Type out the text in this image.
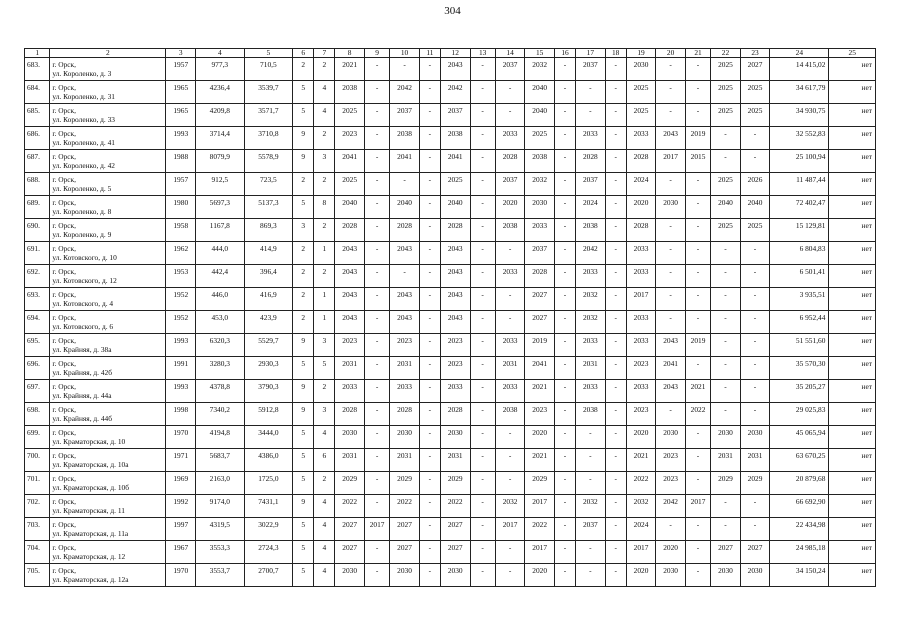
304
1	2	3	4	5	6	7	8	9	10	11	12	13	14	15	16	17	18	19	20	21	22	23	24	25
683.	г. Орск,
ул. Короленко, д. 3	1957	977,3	710,5	2	2	2021	-	-	-	2043	-	2037	2032	-	2037	-	2030	-	-	2025	2027	14 415,02	нет
684.	г. Орск,
ул. Короленко, д. 31	1965	4236,4	3539,7	5	4	2038	-	2042	-	2042	-	-	2040	-	-	-	2025	-	-	2025	2025	34 617,79	нет
685.	г. Орск,
ул. Короленко, д. 33	1965	4209,8	3571,7	5	4	2025	-	2037	-	2037	-	-	2040	-	-	-	2025	-	-	2025	2025	34 930,75	нет
686.	г. Орск,
ул. Короленко, д. 41	1993	3714,4	3710,8	9	2	2023	-	2038	-	2038	-	2033	2025	-	2033	-	2033	2043	2019	-	-	32 552,83	нет
687.	г. Орск,
ул. Короленко, д. 42	1988	8079,9	5578,9	9	3	2041	-	2041	-	2041	-	2028	2038	-	2028	-	2028	2017	2015	-	-	25 100,94	нет
688.	г. Орск,
ул. Короленко, д. 5	1957	912,5	723,5	2	2	2025	-	-	-	2025	-	2037	2032	-	2037	-	2024	-	-	2025	2026	11 487,44	нет
689.	г. Орск,
ул. Короленко, д. 8	1980	5697,3	5137,3	5	8	2040	-	2040	-	2040	-	2020	2030	-	2024	-	2020	2030	-	2040	2040	72 402,47	нет
690.	г. Орск,
ул. Короленко, д. 9	1958	1167,8	869,3	3	2	2028	-	2028	-	2028	-	2038	2033	-	2038	-	2028	-	-	2025	2025	15 129,81	нет
691.	г. Орск,
ул. Котовского, д. 10	1962	444,0	414,9	2	1	2043	-	2043	-	2043	-	-	2037	-	2042	-	2033	-	-	-	-	6 804,83	нет
692.	г. Орск,
ул. Котовского, д. 12	1953	442,4	396,4	2	2	2043	-	-	-	2043	-	2033	2028	-	2033	-	2033	-	-	-	-	6 501,41	нет
693.	г. Орск,
ул. Котовского, д. 4	1952	446,0	416,9	2	1	2043	-	2043	-	2043	-	-	2027	-	2032	-	2017	-	-	-	-	3 935,51	нет
694.	г. Орск,
ул. Котовского, д. 6	1952	453,0	423,9	2	1	2043	-	2043	-	2043	-	-	2027	-	2032	-	2033	-	-	-	-	6 952,44	нет
695.	г. Орск,
ул. Крайняя, д. 38а	1993	6320,3	5529,7	9	3	2023	-	2023	-	2023	-	2033	2019	-	2033	-	2033	2043	2019	-	-	51 551,60	нет
696.	г. Орск,
ул. Крайняя, д. 42б	1991	3280,3	2930,3	5	5	2031	-	2031	-	2023	-	2031	2041	-	2031	-	2023	2041	-	-	-	35 570,30	нет
697.	г. Орск,
ул. Крайняя, д. 44а	1993	4378,8	3790,3	9	2	2033	-	2033	-	2033	-	2033	2021	-	2033	-	2033	2043	2021	-	-	35 205,27	нет
698.	г. Орск,
ул. Крайняя, д. 44б	1998	7340,2	5912,8	9	3	2028	-	2028	-	2028	-	2038	2023	-	2038	-	2023	-	2022	-	-	29 025,83	нет
699.	г. Орск,
ул. Краматорская, д. 10	1970	4194,8	3444,0	5	4	2030	-	2030	-	2030	-	-	2020	-	-	-	2020	2030	-	2030	2030	45 065,94	нет
700.	г. Орск,
ул. Краматорская, д. 10а	1971	5683,7	4386,0	5	6	2031	-	2031	-	2031	-	-	2021	-	-	-	2021	2023	-	2031	2031	63 670,25	нет
701.	г. Орск,
ул. Краматорская, д. 10б	1969	2163,0	1725,0	5	2	2029	-	2029	-	2029	-	-	2029	-	-	-	2022	2023	-	2029	2029	20 879,68	нет
702.	г. Орск,
ул. Краматорская, д. 11	1992	9174,0	7431,1	9	4	2022	-	2022	-	2022	-	2032	2017	-	2032	-	2032	2042	2017	-	-	66 692,90	нет
703.	г. Орск,
ул. Краматорская, д. 11а	1997	4319,5	3022,9	5	4	2027	2017	2027	-	2027	-	2017	2022	-	2037	-	2024	-	-	-	-	22 434,98	нет
704.	г. Орск,
ул. Краматорская, д. 12	1967	3553,3	2724,3	5	4	2027	-	2027	-	2027	-	-	2017	-	-	-	2017	2020	-	2027	2027	24 985,18	нет
705.	г. Орск,
ул. Краматорская, д. 12а	1970	3553,7	2700,7	5	4	2030	-	2030	-	2030	-	-	2020	-	-	-	2020	2030	-	2030	2030	34 150,24	нет
